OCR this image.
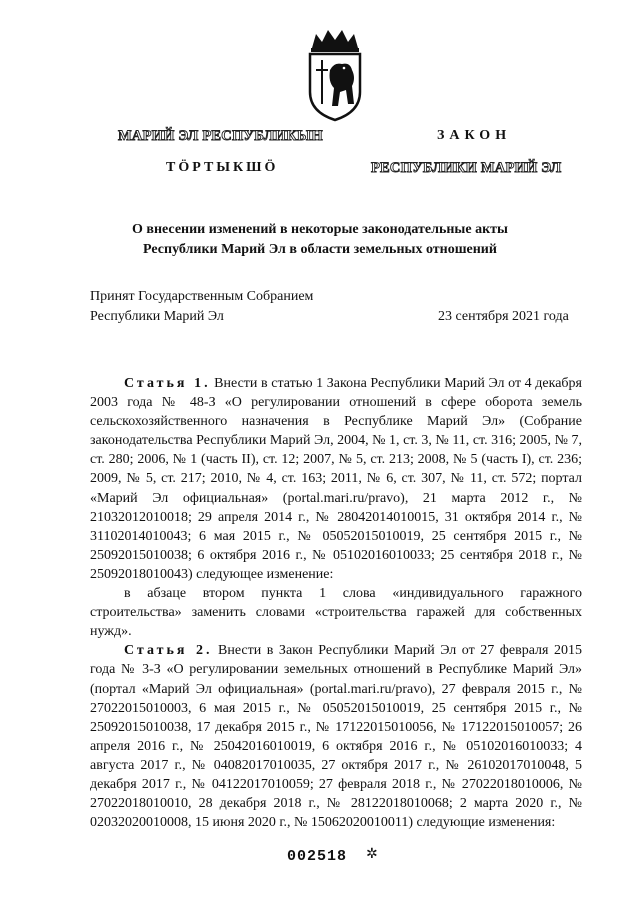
МАРИЙ ЭЛ РЕСПУБЛИКЫН
ТӦРТЫКШӦ
ЗАКОН
РЕСПУБЛИКИ МАРИЙ ЭЛ
О внесении изменений в некоторые законодательные акты
Республики Марий Эл в области земельных отношений
Принят Государственным Собранием
Республики Марий Эл	23 сентября 2021 года

Статья 1. Внести в статью 1 Закона Республики Марий Эл от 4 декабря 2003 года № 48-З «О регулировании отношений в сфере оборота земель сельскохозяйственного назначения в Республике Марий Эл» (Собрание законодательства Республики Марий Эл, 2004, № 1, ст. 3, № 11, ст. 316; 2005, № 7, ст. 280; 2006, № 1 (часть II), ст. 12; 2007, № 5, ст. 213; 2008, № 5 (часть I), ст. 236; 2009, № 5, ст. 217; 2010, № 4, ст. 163; 2011, № 6, ст. 307, № 11, ст. 572; портал «Марий Эл официальная» (portal.mari.ru/pravo), 21 марта 2012 г., № 21032012010018; 29 апреля 2014 г., № 28042014010015, 31 октября 2014 г., № 31102014010043; 6 мая 2015 г., № 05052015010019, 25 сентября 2015 г., № 25092015010038; 6 октября 2016 г., № 05102016010033; 25 сентября 2018 г., № 25092018010043) следующее изменение:

в абзаце втором пункта 1 слова «индивидуального гаражного строительства» заменить словами «строительства гаражей для собственных нужд».

Статья 2. Внести в Закон Республики Марий Эл от 27 февраля 2015 года № 3-З «О регулировании земельных отношений в Республике Марий Эл» (портал «Марий Эл официальная» (portal.mari.ru/pravo), 27 февраля 2015 г., № 27022015010003, 6 мая 2015 г., № 05052015010019, 25 сентября 2015 г., № 25092015010038, 17 декабря 2015 г., № 17122015010056, № 17122015010057; 26 апреля 2016 г., № 25042016010019, 6 октября 2016 г., № 05102016010033; 4 августа 2017 г., № 04082017010035, 27 октября 2017 г., № 26102017010048, 5 декабря 2017 г., № 04122017010059; 27 февраля 2018 г., № 27022018010006, № 27022018010010, 28 декабря 2018 г., № 28122018010068; 2 марта 2020 г., № 02032020010008, 15 июня 2020 г., № 15062020010011) следующие изменения:

002518 ✲
